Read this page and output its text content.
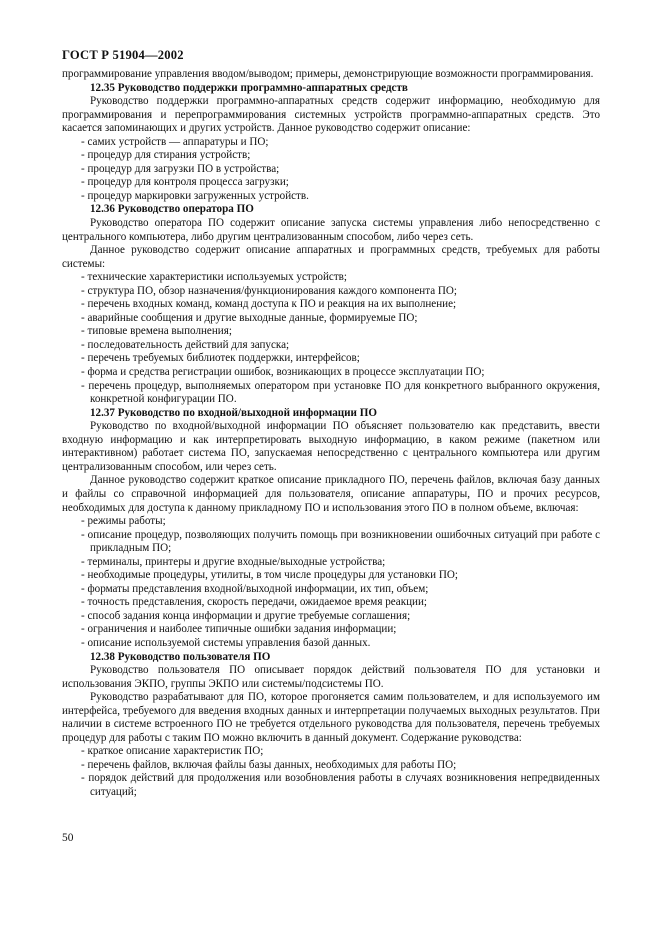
ГОСТ Р 51904—2002

программирование управления вводом/выводом; примеры, демонстрирующие возможности программирования.

12.35 Руководство поддержки программно-аппаратных средств

Руководство поддержки программно-аппаратных средств содержит информацию, необходимую для программирования и перепрограммирования системных устройств программно-аппаратных средств. Это касается запоминающих и других устройств. Данное руководство содержит описание:

- самих устройств — аппаратуры и ПО;
- процедур для стирания устройств;
- процедур для загрузки ПО в устройства;
- процедур для контроля процесса загрузки;
- процедур маркировки загруженных устройств.
12.36 Руководство оператора ПО

Руководство оператора ПО содержит описание запуска системы управления либо непосредственно с центрального компьютера, либо другим централизованным способом, либо через сеть.

Данное руководство содержит описание аппаратных и программных средств, требуемых для работы системы:

- технические характеристики используемых устройств;
- структура ПО, обзор назначения/функционирования каждого компонента ПО;
- перечень входных команд, команд доступа к ПО и реакция на их выполнение;
- аварийные сообщения и другие выходные данные, формируемые ПО;
- типовые времена выполнения;
- последовательность действий для запуска;
- перечень требуемых библиотек поддержки, интерфейсов;
- форма и средства регистрации ошибок, возникающих в процессе эксплуатации ПО;
- перечень процедур, выполняемых оператором при установке ПО для конкретного выбранного окружения, конкретной конфигурации ПО.
12.37 Руководство по входной/выходной информации ПО

Руководство по входной/выходной информации ПО объясняет пользователю как представить, ввести входную информацию и как интерпретировать выходную информацию, в каком режиме (пакетном или интерактивном) работает система ПО, запускаемая непосредственно с центрального компьютера или другим централизованным способом, или через сеть.

Данное руководство содержит краткое описание прикладного ПО, перечень файлов, включая базу данных и файлы со справочной информацией для пользователя, описание аппаратуры, ПО и прочих ресурсов, необходимых для доступа к данному прикладному ПО и использования этого ПО в полном объеме, включая:

- режимы работы;
- описание процедур, позволяющих получить помощь при возникновении ошибочных ситуаций при работе с прикладным ПО;
- терминалы, принтеры и другие входные/выходные устройства;
- необходимые процедуры, утилиты, в том числе процедуры для установки ПО;
- форматы представления входной/выходной информации, их тип, объем;
- точность представления, скорость передачи, ожидаемое время реакции;
- способ задания конца информации и другие требуемые соглашения;
- ограничения и наиболее типичные ошибки задания информации;
- описание используемой системы управления базой данных.
12.38 Руководство пользователя ПО

Руководство пользователя ПО описывает порядок действий пользователя ПО для установки и использования ЭКПО, группы ЭКПО или системы/подсистемы ПО.

Руководство разрабатывают для ПО, которое прогоняется самим пользователем, и для используемого им интерфейса, требуемого для введения входных данных и интерпретации получаемых выходных результатов. При наличии в системе встроенного ПО не требуется отдельного руководства для пользователя, перечень требуемых процедур для работы с таким ПО можно включить в данный документ. Содержание руководства:

- краткое описание характеристик ПО;
- перечень файлов, включая файлы базы данных, необходимых для работы ПО;
- порядок действий для продолжения или возобновления работы в случаях возникновения непредвиденных ситуаций;
50
